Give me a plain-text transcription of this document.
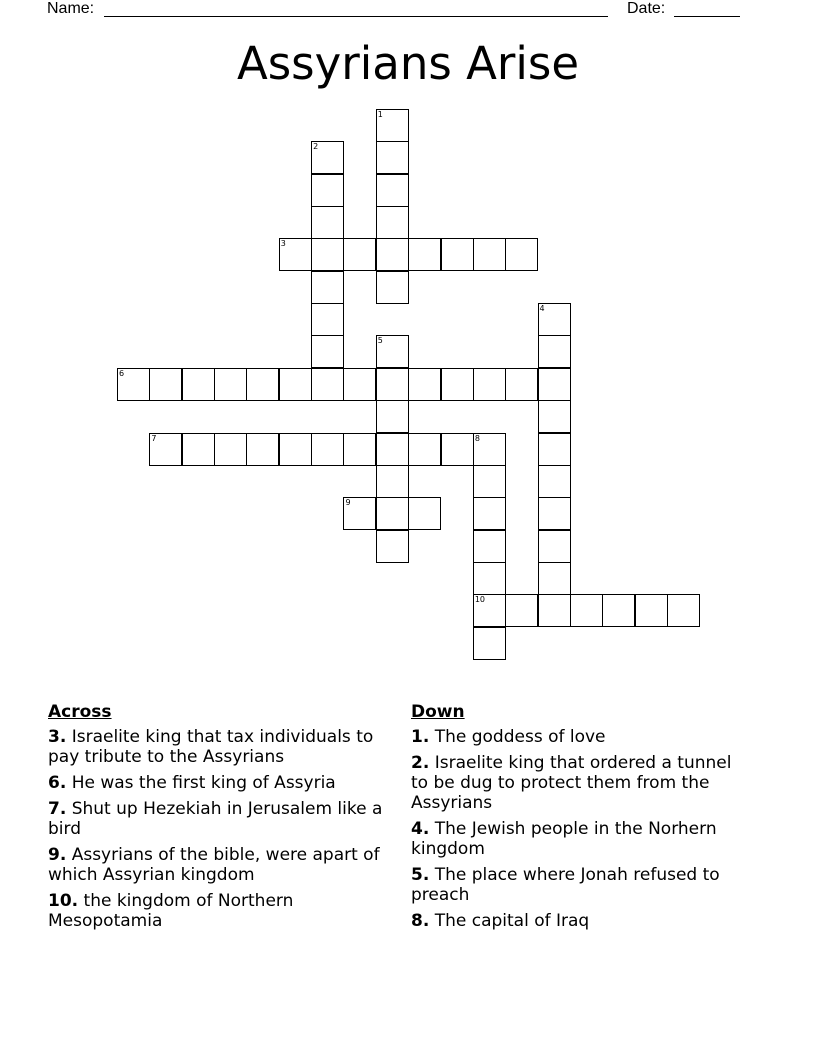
Name:	Date:
Assyrians Arise
1
2
3
4
5
6
7	8
10
9
Across
3. Israelite king that tax individuals to pay tribute to the Assyrians
6. He was the first king of Assyria
7. Shut up Hezekiah in Jerusalem like a bird
9. Assyrians of the bible, were apart of which Assyrian kingdom
10. the kingdom of Northern Mesopotamia
Down
1. The goddess of love
2. Israelite king that ordered a tunnel to be dug to protect them from the Assyrians
4. The Jewish people in the Norhern kingdom
5. The place where Jonah refused to preach
8. The capital of Iraq
